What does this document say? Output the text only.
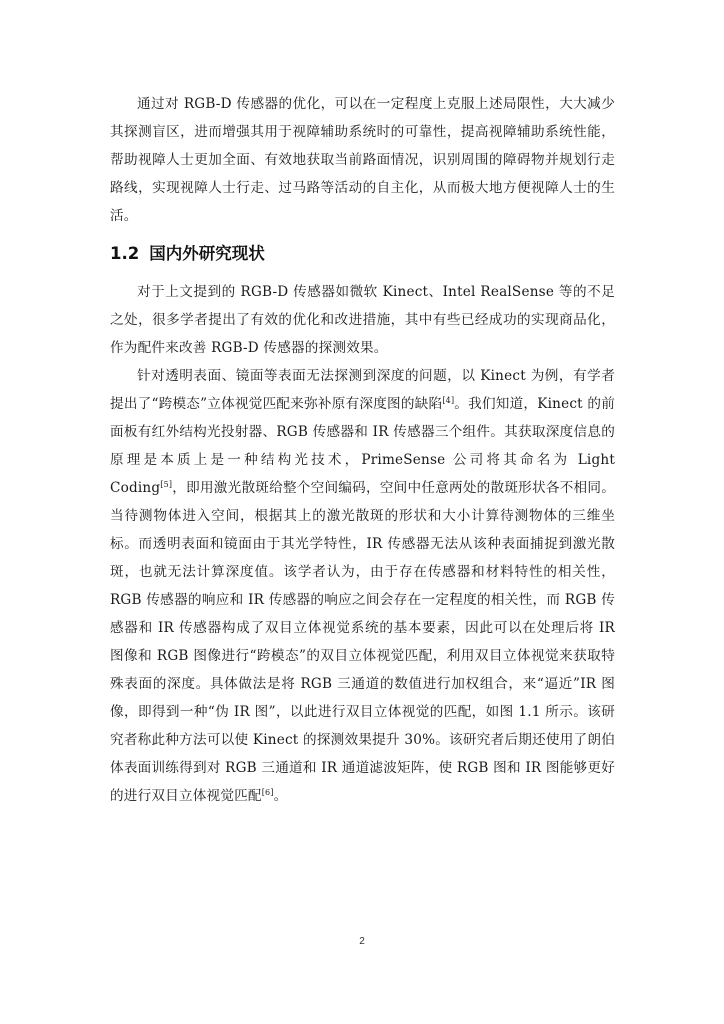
通过对 RGB-D 传感器的优化，可以在一定程度上克服上述局限性，大大减少其探测盲区，进而增强其用于视障辅助系统时的可靠性，提高视障辅助系统性能，帮助视障人士更加全面、有效地获取当前路面情况，识别周围的障碍物并规划行走路线，实现视障人士行走、过马路等活动的自主化，从而极大地方便视障人士的生活。

1.2 国内外研究现状

对于上文提到的 RGB-D 传感器如微软 Kinect、Intel RealSense 等的不足之处，很多学者提出了有效的优化和改进措施，其中有些已经成功的实现商品化，作为配件来改善 RGB-D 传感器的探测效果。

针对透明表面、镜面等表面无法探测到深度的问题，以 Kinect 为例，有学者提出了“跨模态”立体视觉匹配来弥补原有深度图的缺陷[4]。我们知道，Kinect 的前面板有红外结构光投射器、RGB 传感器和 IR 传感器三个组件。其获取深度信息的原理是本质上是一种结构光技术，PrimeSense 公司将其命名为 Light Coding[5]，即用激光散斑给整个空间编码，空间中任意两处的散斑形状各不相同。当待测物体进入空间，根据其上的激光散斑的形状和大小计算待测物体的三维坐标。而透明表面和镜面由于其光学特性，IR 传感器无法从该种表面捕捉到激光散斑，也就无法计算深度值。该学者认为，由于存在传感器和材料特性的相关性，RGB 传感器的响应和 IR 传感器的响应之间会存在一定程度的相关性，而 RGB 传感器和 IR 传感器构成了双目立体视觉系统的基本要素，因此可以在处理后将 IR 图像和 RGB 图像进行“跨模态”的双目立体视觉匹配，利用双目立体视觉来获取特殊表面的深度。具体做法是将 RGB 三通道的数值进行加权组合，来“逼近”IR 图像，即得到一种“伪 IR 图”，以此进行双目立体视觉的匹配，如图 1.1 所示。该研究者称此种方法可以使 Kinect 的探测效果提升 30%。该研究者后期还使用了朗伯体表面训练得到对 RGB 三通道和 IR 通道滤波矩阵，使 RGB 图和 IR 图能够更好的进行双目立体视觉匹配[6]。

2
